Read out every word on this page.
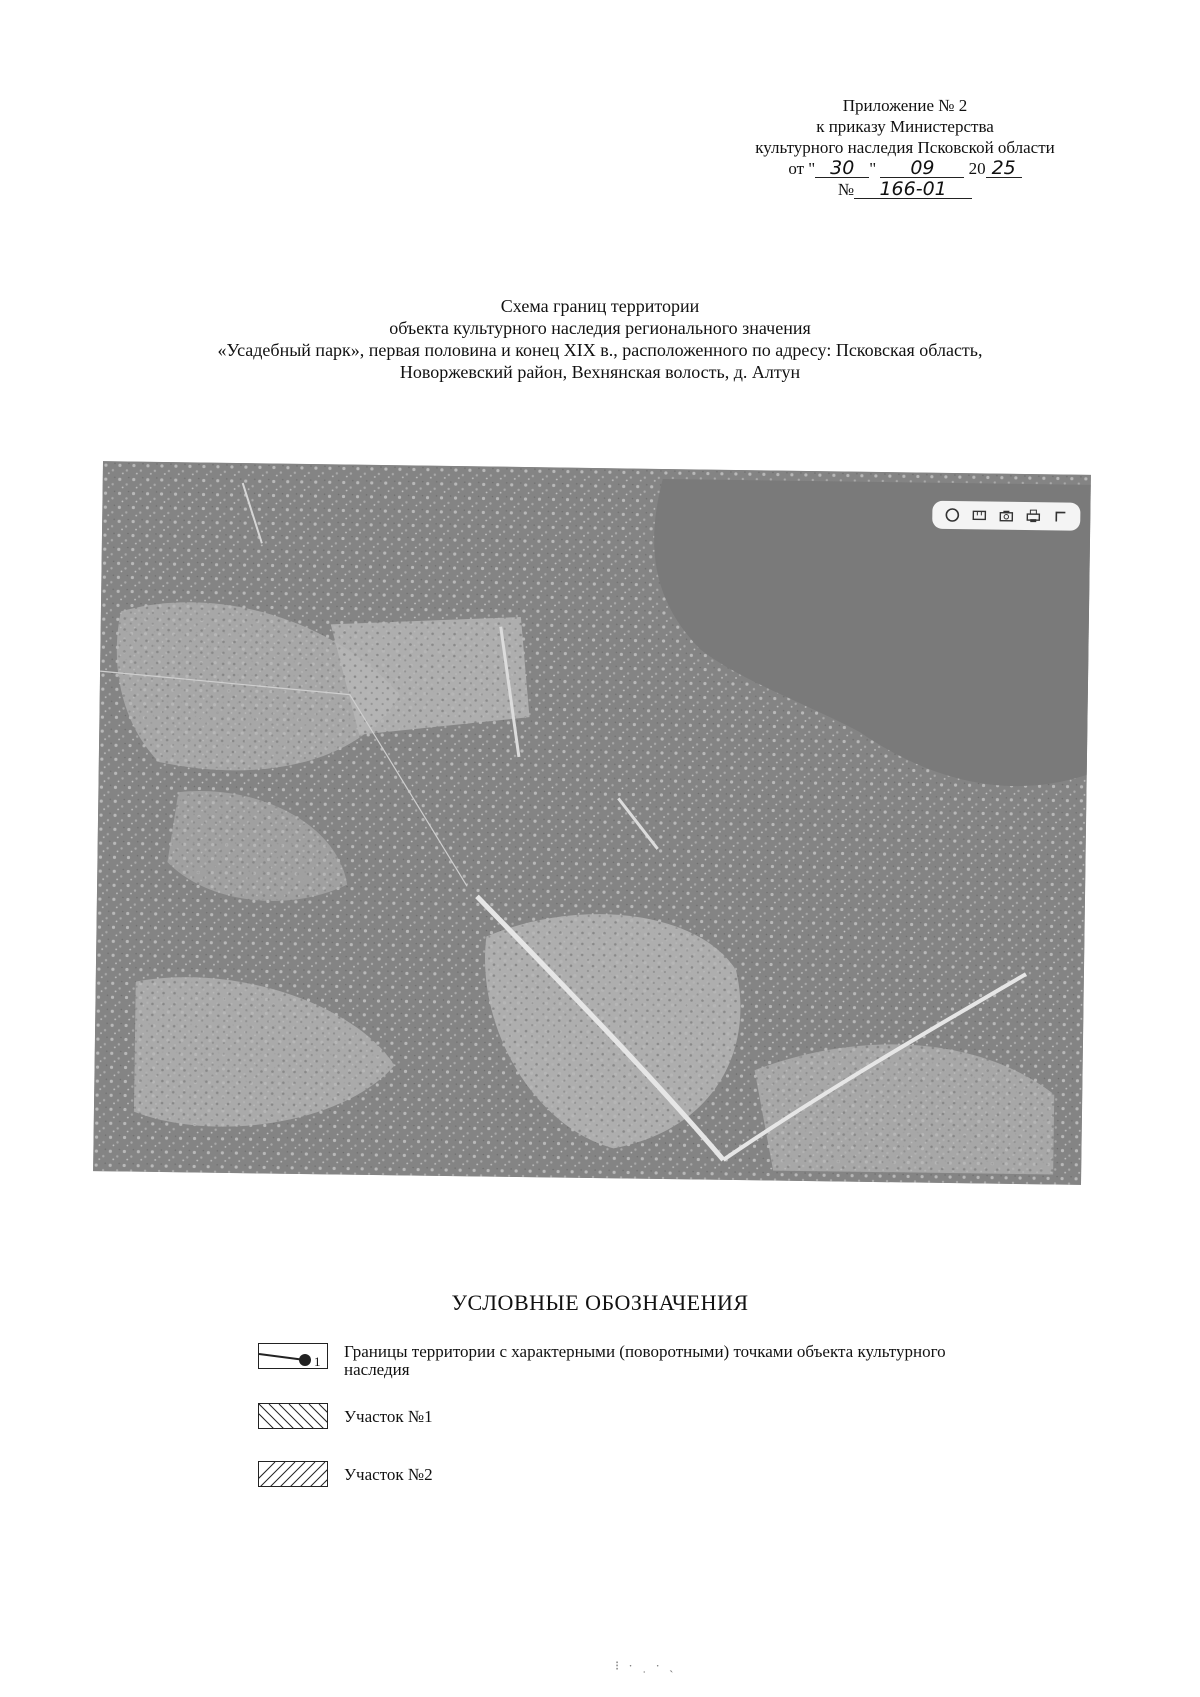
Приложение № 2
к приказу Министерства
культурного наследия Псковской области
от " 30 " 09 20 25
№ 166-01
Схема границ территории
объекта культурного наследия регионального значения
«Усадебный парк», первая половина и конец XIX в., расположенного по адресу: Псковская область,
Новоржевский район, Вехнянская волость, д. Алтун
УСЛОВНЫЕ ОБОЗНАЧЕНИЯ
1
Границы территории с характерными (поворотными) точками объекта культурного наследия
Участок №1
Участок №2
⁝ · ˌ · ˏ
